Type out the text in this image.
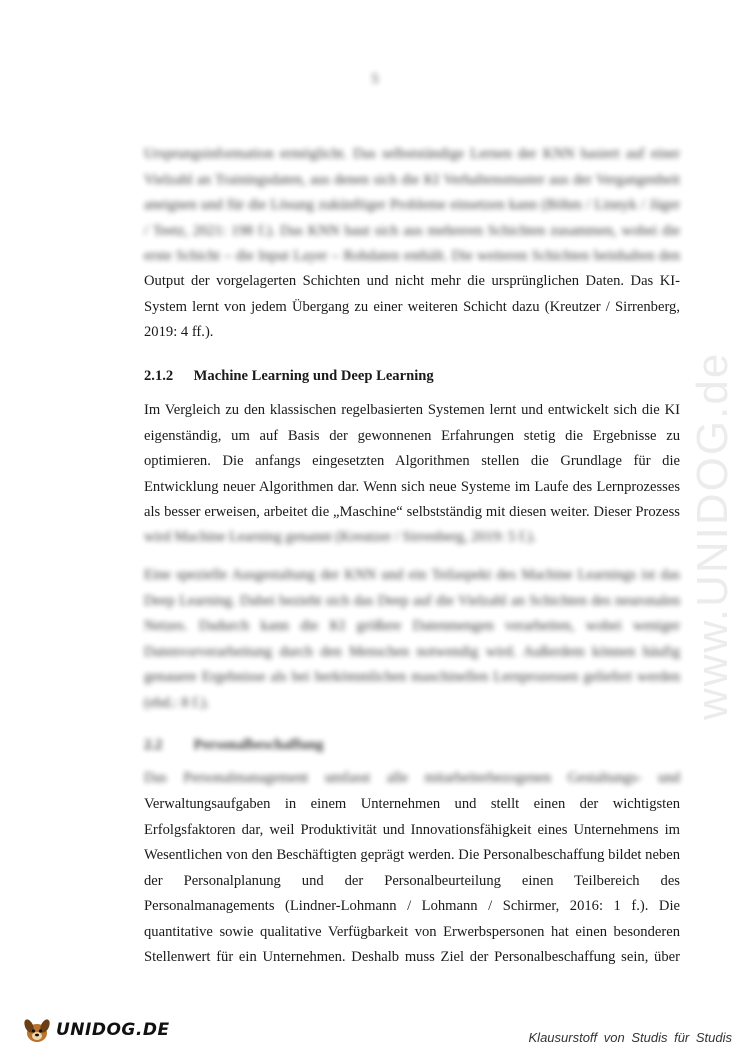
5
www.UNIDOG.de
Ursprungsinformation ermöglicht. Das selbstständige Lernen der KNN basiert auf einer
Vielzahl an Trainingsdaten, aus denen sich die KI Verhaltensmuster aus der Vergangenheit
aneignen und für die Lösung zukünftiger Probleme einsetzen kann (Böhm / Linnyk / Jäger
/ Teetz, 2021: 198 f.). Das KNN baut sich aus mehreren Schichten zusammen, wobei die
erste Schicht – die Input Layer – Rohdaten enthält. Die weiteren Schichten beinhalten den
Output der vorgelagerten Schichten und nicht mehr die ursprünglichen Daten. Das KI-
System lernt von jedem Übergang zu einer weiteren Schicht dazu (Kreutzer / Sirrenberg,
2019: 4 ff.).
2.1.2 Machine Learning und Deep Learning
Im Vergleich zu den klassischen regelbasierten Systemen lernt und entwickelt sich die KI
eigenständig, um auf Basis der gewonnenen Erfahrungen stetig die Ergebnisse zu
optimieren. Die anfangs eingesetzten Algorithmen stellen die Grundlage für die
Entwicklung neuer Algorithmen dar. Wenn sich neue Systeme im Laufe des Lernprozesses
als besser erweisen, arbeitet die „Maschine“ selbstständig mit diesen weiter. Dieser Prozess
wird Machine Learning genannt (Kreutzer / Sirrenberg, 2019: 5 f.).
Eine spezielle Ausgestaltung der KNN und ein Teilaspekt des Machine Learnings ist das
Deep Learning. Dabei bezieht sich das Deep auf die Vielzahl an Schichten des neuronalen
Netzes. Dadurch kann die KI größere Datenmengen verarbeiten, wobei weniger
Datenvorverarbeitung durch den Menschen notwendig wird. Außerdem können häufig
genauere Ergebnisse als bei herkömmlichen maschinellen Lernprozessen geliefert werden
(ebd.: 8 f.).
2.2 Personalbeschaffung
Das Personalmanagement umfasst alle mitarbeiterbezogenen Gestaltungs- und
Verwaltungsaufgaben in einem Unternehmen und stellt einen der wichtigsten
Erfolgsfaktoren dar, weil Produktivität und Innovationsfähigkeit eines Unternehmens im
Wesentlichen von den Beschäftigten geprägt werden. Die Personalbeschaffung bildet neben
der Personalplanung und der Personalbeurteilung einen Teilbereich des
Personalmanagements (Lindner-Lohmann / Lohmann / Schirmer, 2016: 1 f.). Die
quantitative sowie qualitative Verfügbarkeit von Erwerbspersonen hat einen besonderen
Stellenwert für ein Unternehmen. Deshalb muss Ziel der Personalbeschaffung sein, über
UNIDOG.DE	Klausurstoff von Studis für Studis
